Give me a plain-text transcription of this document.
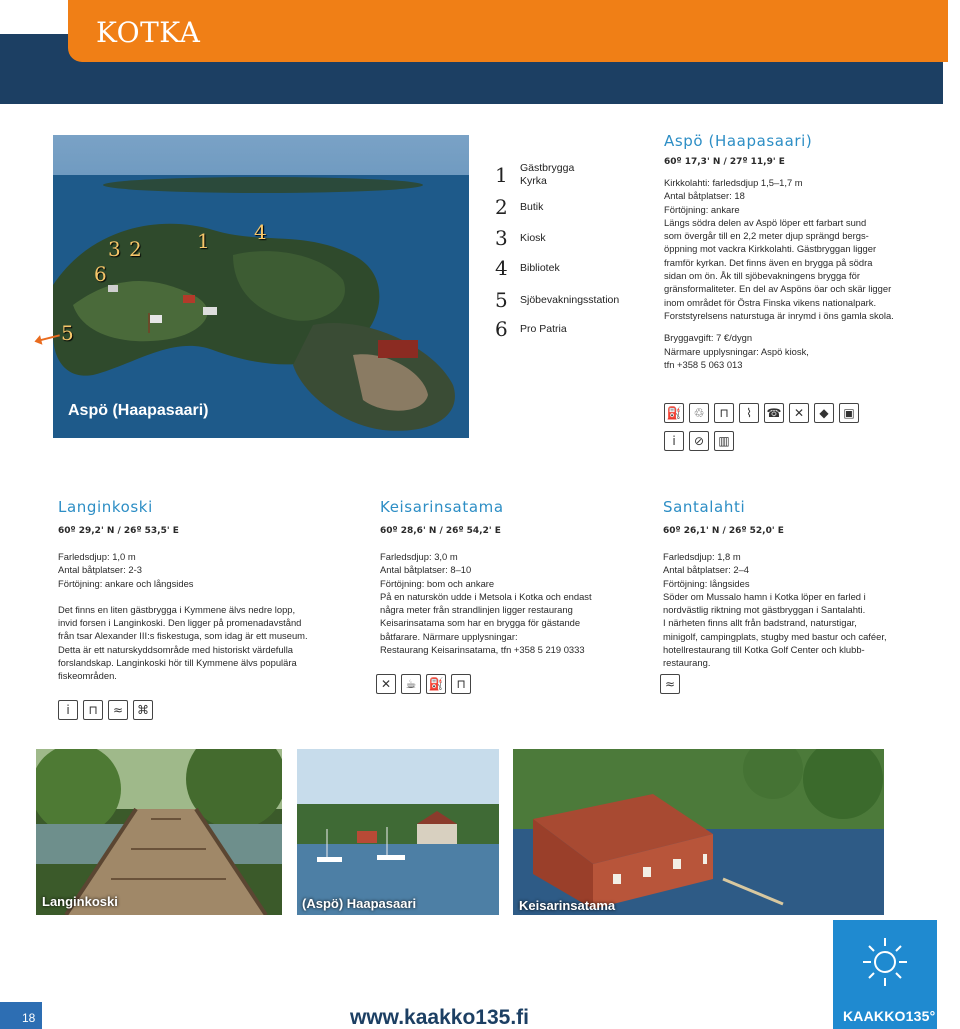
KOTKA
1
2
3
4
5
6
Aspö (Haapasaari)
1	Gästbrygga
Kyrka
2	Butik
3	Kiosk
4	Bibliotek
5	Sjöbevakningsstation
6	Pro Patria
Aspö (Haapasaari)
60º 17,3' N / 27º 11,9' E
Kirkkolahti: farledsdjup 1,5–1,7 m
Antal båtplatser: 18
Förtöjning: ankare
Längs södra delen av Aspö löper ett farbart sund
som övergår till en 2,2 meter djup sprängd bergs-
öppning mot vackra Kirkkolahti. Gästbryggan ligger
framför kyrkan. Det finns även en brygga på södra
sidan om ön. Åk till sjöbevakningens brygga för
gränsformaliteter. En del av Aspöns öar och skär ligger
inom området för Östra Finska vikens nationalpark.
Forststyrelsens naturstuga är inrymd i öns gamla skola.
Bryggavgift: 7 €/dygn
Närmare upplysningar: Aspö kiosk,
tfn +358 5 063 013
⛽	♲	⊓	⌇	☎	✕	◆	▣
i	⊘	▥
Langinkoski
60º 29,2' N / 26º 53,5' E
Farledsdjup: 1,0 m
Antal båtplatser: 2-3
Förtöjning: ankare och långsides
Det finns en liten gästbrygga i Kymmene älvs nedre lopp,
invid forsen i Langinkoski. Den ligger på promenadavstånd
från tsar Alexander III:s fiskestuga, som idag är ett museum.
Detta är ett naturskyddsområde med historiskt värdefulla
forslandskap. Langinkoski hör till Kymmene älvs populära
fiskeområden.
i	⊓	≈	⌘
Keisarinsatama
60º 28,6' N / 26º 54,2' E
Farledsdjup: 3,0 m
Antal båtplatser: 8–10
Förtöjning: bom och ankare
På en naturskön udde i Metsola i Kotka och endast
några meter från strandlinjen ligger restaurang
Keisarinsatama som har en brygga för gästande
båtfarare. Närmare upplysningar:
Restaurang Keisarinsatama, tfn +358 5 219 0333
✕	☕	⛽	⊓
Santalahti
60º 26,1' N / 26º 52,0' E
Farledsdjup: 1,8 m
Antal båtplatser: 2–4
Förtöjning: långsides
Söder om Mussalo hamn i Kotka löper en farled i
nordvästlig riktning mot gästbryggan i Santalahti.
I närheten finns allt från badstrand, naturstigar,
minigolf, campingplats, stugby med bastur och caféer,
hotellrestaurang till Kotka Golf Center och klubb-
restaurang.
≈
Langinkoski	(Aspö) Haapasaari	Keisarinsatama
18	www.kaakko135.fi	KAAKKO135°
